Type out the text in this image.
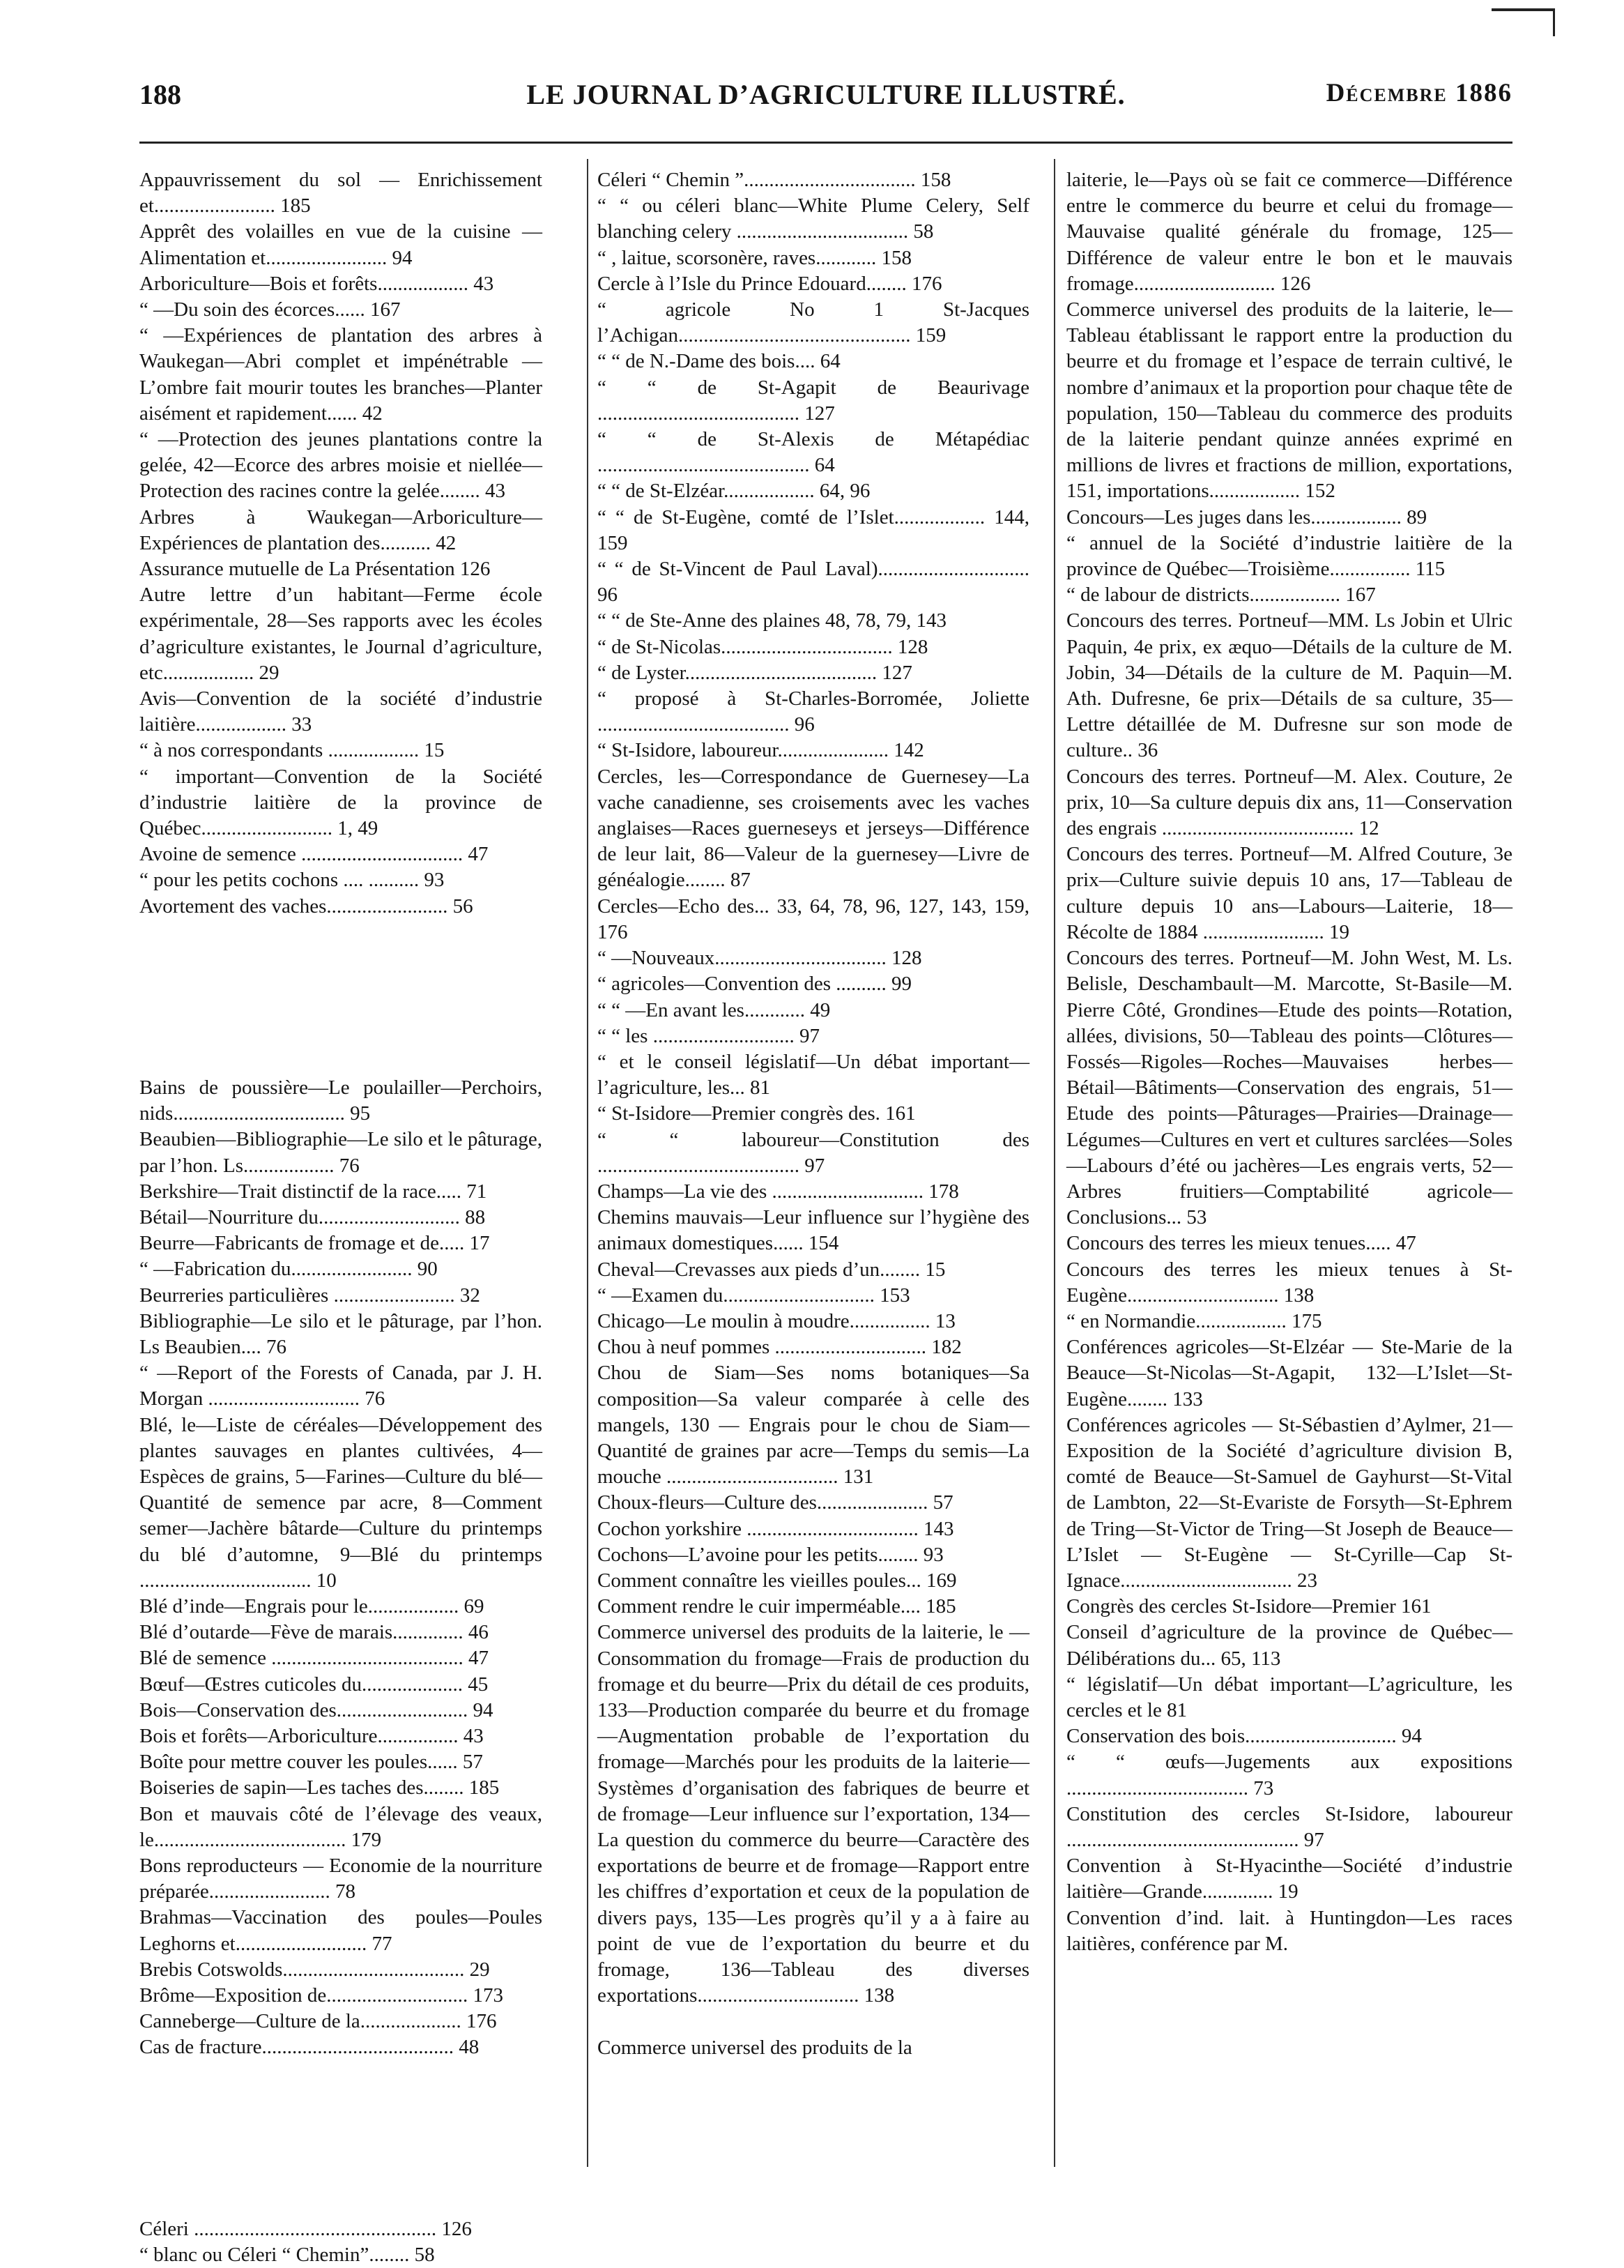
188	LE JOURNAL D’AGRICULTURE ILLUSTRÉ.	Décembre 1886
Appauvrissement du sol — Enrichissement et........................ 185
Apprêt des volailles en vue de la cuisine —Alimentation et........................ 94
Arboriculture—Bois et forêts.................. 43
“ —Du soin des écorces...... 167
“ —Expériences de plantation des arbres à Waukegan—Abri complet et impénétrable — L’ombre fait mourir toutes les branches—Planter aisément et rapidement...... 42
“ —Protection des jeunes plantations contre la gelée, 42—Ecorce des arbres moisie et niellée—Protection des racines contre la gelée........ 43
Arbres à Waukegan—Arboriculture—Expériences de plantation des.......... 42
Assurance mutuelle de La Présentation 126
Autre lettre d’un habitant—Ferme école expérimentale, 28—Ses rapports avec les écoles d’agriculture existantes, le Journal d’agriculture, etc.................. 29
Avis—Convention de la société d’industrie laitière.................. 33
“ à nos correspondants .................. 15
“ important—Convention de la Société d’industrie laitière de la province de Québec.......................... 1, 49
Avoine de semence ................................ 47
“ pour les petits cochons .... .......... 93
Avortement des vaches........................ 56
Bains de poussière—Le poulailler—Perchoirs, nids.................................. 95
Beaubien—Bibliographie—Le silo et le pâturage, par l’hon. Ls.................. 76
Berkshire—Trait distinctif de la race..... 71
Bétail—Nourriture du............................ 88
Beurre—Fabricants de fromage et de..... 17
“ —Fabrication du........................ 90
Beurreries particulières ........................ 32
Bibliographie—Le silo et le pâturage, par l’hon. Ls Beaubien.... 76
“ —Report of the Forests of Canada, par J. H. Morgan .............................. 76
Blé, le—Liste de céréales—Développement des plantes sauvages en plantes cultivées, 4—Espèces de grains, 5—Farines—Culture du blé—Quantité de semence par acre, 8—Comment semer—Jachère bâtarde—Culture du printemps du blé d’automne, 9—Blé du printemps .................................. 10
Blé d’inde—Engrais pour le.................. 69
Blé d’outarde—Fève de marais.............. 46
Blé de semence ...................................... 47
Bœuf—Œstres cuticoles du.................... 45
Bois—Conservation des.......................... 94
Bois et forêts—Arboriculture................ 43
Boîte pour mettre couver les poules...... 57
Boiseries de sapin—Les taches des........ 185
Bon et mauvais côté de l’élevage des veaux, le...................................... 179
Bons reproducteurs — Economie de la nourriture préparée........................ 78
Brahmas—Vaccination des poules—Poules Leghorns et.......................... 77
Brebis Cotswolds.................................... 29
Brôme—Exposition de............................ 173
Canneberge—Culture de la.................... 176
Cas de fracture...................................... 48
Céleri ................................................ 126
“ blanc ou Céleri “ Chemin”........ 58
Céleri “ Chemin ”.................................. 158
“ “ ou céleri blanc—White Plume Celery, Self blanching celery .................................. 58
“ , laitue, scorsonère, raves............ 158
Cercle à l’Isle du Prince Edouard........ 176
“ agricole No 1 St-Jacques l’Achigan.............................................. 159
“ “ de N.-Dame des bois.... 64
“ “ de St-Agapit de Beaurivage ........................................ 127
“ “ de St-Alexis de Métapédiac .......................................... 64
“ “ de St-Elzéar.................. 64, 96
“ “ de St-Eugène, comté de l’Islet.................. 144, 159
“ “ de St-Vincent de Paul Laval).............................. 96
“ “ de Ste-Anne des plaines 48, 78, 79, 143
“ de St-Nicolas.................................. 128
“ de Lyster...................................... 127
“ proposé à St-Charles-Borromée, Joliette ...................................... 96
“ St-Isidore, laboureur...................... 142
Cercles, les—Correspondance de Guernesey—La vache canadienne, ses croisements avec les vaches anglaises—Races guerneseys et jerseys—Différence de leur lait, 86—Valeur de la guernesey—Livre de généalogie........ 87
Cercles—Echo des... 33, 64, 78, 96, 127, 143, 159, 176
“ —Nouveaux.................................. 128
“ agricoles—Convention des .......... 99
“ “ —En avant les............ 49
“ “ les ............................ 97
“ et le conseil législatif—Un débat important—l’agriculture, les... 81
“ St-Isidore—Premier congrès des. 161
“ “ laboureur—Constitution des ........................................ 97
Champs—La vie des .............................. 178
Chemins mauvais—Leur influence sur l’hygiène des animaux domestiques...... 154
Cheval—Crevasses aux pieds d’un........ 15
“ —Examen du.............................. 153
Chicago—Le moulin à moudre................ 13
Chou à neuf pommes .............................. 182
Chou de Siam—Ses noms botaniques—Sa composition—Sa valeur comparée à celle des mangels, 130 — Engrais pour le chou de Siam—Quantité de graines par acre—Temps du semis—La mouche .................................. 131
Choux-fleurs—Culture des...................... 57
Cochon yorkshire .................................. 143
Cochons—L’avoine pour les petits........ 93
Comment connaître les vieilles poules... 169
Comment rendre le cuir imperméable.... 185
Commerce universel des produits de la laiterie, le — Consommation du fromage—Frais de production du fromage et du beurre—Prix du détail de ces produits, 133—Production comparée du beurre et du fromage—Augmentation probable de l’exportation du fromage—Marchés pour les produits de la laiterie—Systèmes d’organisation des fabriques de beurre et de fromage—Leur influence sur l’exportation, 134—La question du commerce du beurre—Caractère des exportations de beurre et de fromage—Rapport entre les chiffres d’exportation et ceux de la population de divers pays, 135—Les progrès qu’il y a à faire au point de vue de l’exportation du beurre et du fromage, 136—Tableau des diverses exportations................................ 138
Commerce universel des produits de la
laiterie, le—Pays où se fait ce commerce—Différence entre le commerce du beurre et celui du fromage—Mauvaise qualité générale du fromage, 125—Différence de valeur entre le bon et le mauvais fromage............................ 126
Commerce universel des produits de la laiterie, le—Tableau établissant le rapport entre la production du beurre et du fromage et l’espace de terrain cultivé, le nombre d’animaux et la proportion pour chaque tête de population, 150—Tableau du commerce des produits de la laiterie pendant quinze années exprimé en millions de livres et fractions de million, exportations, 151, importations.................. 152
Concours—Les juges dans les.................. 89
“ annuel de la Société d’industrie laitière de la province de Québec—Troisième................ 115
“ de labour de districts.................. 167
Concours des terres. Portneuf—MM. Ls Jobin et Ulric Paquin, 4e prix, ex æquo—Détails de la culture de M. Jobin, 34—Détails de la culture de M. Paquin—M. Ath. Dufresne, 6e prix—Détails de sa culture, 35—Lettre détaillée de M. Dufresne sur son mode de culture.. 36
Concours des terres. Portneuf—M. Alex. Couture, 2e prix, 10—Sa culture depuis dix ans, 11—Conservation des engrais ...................................... 12
Concours des terres. Portneuf—M. Alfred Couture, 3e prix—Culture suivie depuis 10 ans, 17—Tableau de culture depuis 10 ans—Labours—Laiterie, 18—Récolte de 1884 ........................ 19
Concours des terres. Portneuf—M. John West, M. Ls. Belisle, Deschambault—M. Marcotte, St-Basile—M. Pierre Côté, Grondines—Etude des points—Rotation, allées, divisions, 50—Tableau des points—Clôtures—Fossés—Rigoles—Roches—Mauvaises herbes—Bétail—Bâtiments—Conservation des engrais, 51—Etude des points—Pâturages—Prairies—Drainage—Légumes—Cultures en vert et cultures sarclées—Soles—Labours d’été ou jachères—Les engrais verts, 52—Arbres fruitiers—Comptabilité agricole—Conclusions... 53
Concours des terres les mieux tenues..... 47
Concours des terres les mieux tenues à St-Eugène.............................. 138
“ en Normandie.................. 175
Conférences agricoles—St-Elzéar — Ste-Marie de la Beauce—St-Nicolas—St-Agapit, 132—L’Islet—St-Eugène........ 133
Conférences agricoles — St-Sébastien d’Aylmer, 21—Exposition de la Société d’agriculture division B, comté de Beauce—St-Samuel de Gayhurst—St-Vital de Lambton, 22—St-Evariste de Forsyth—St-Ephrem de Tring—St-Victor de Tring—St Joseph de Beauce—L’Islet — St-Eugène — St-Cyrille—Cap St-Ignace.................................. 23
Congrès des cercles St-Isidore—Premier 161
Conseil d’agriculture de la province de Québec—Délibérations du... 65, 113
“ législatif—Un débat important—L’agriculture, les cercles et le 81
Conservation des bois.............................. 94
“ “ œufs—Jugements aux expositions .................................... 73
Constitution des cercles St-Isidore, laboureur .............................................. 97
Convention à St-Hyacinthe—Société d’industrie laitière—Grande.............. 19
Convention d’ind. lait. à Huntingdon—Les races laitières, conférence par M.
